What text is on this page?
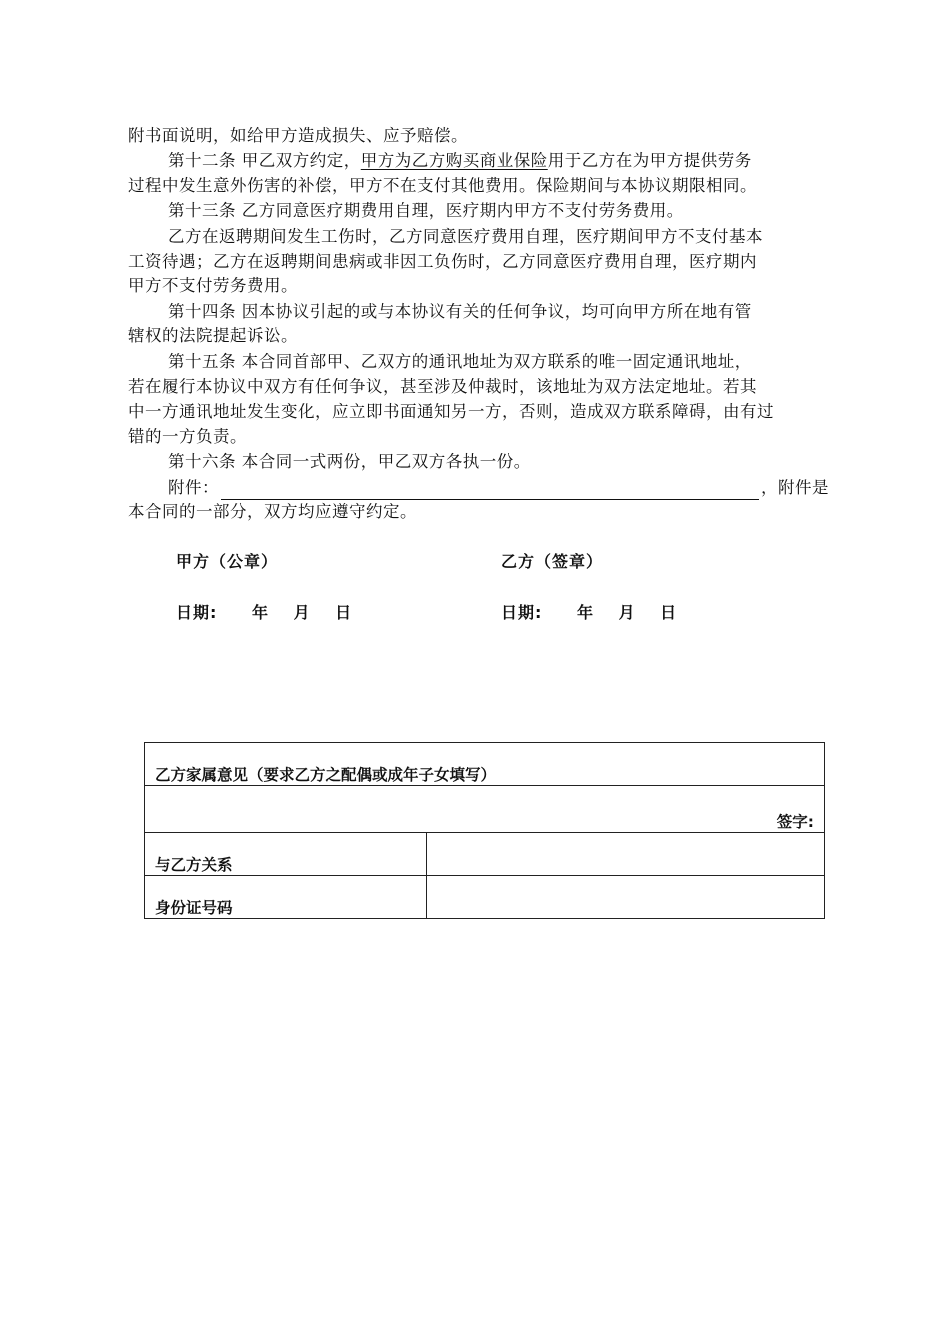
附书面说明，如给甲方造成损失、应予赔偿。
第十二条 甲乙双方约定，甲方为乙方购买商业保险用于乙方在为甲方提供劳务
过程中发生意外伤害的补偿，甲方不在支付其他费用。保险期间与本协议期限相同。
第十三条 乙方同意医疗期费用自理，医疗期内甲方不支付劳务费用。
乙方在返聘期间发生工伤时，乙方同意医疗费用自理，医疗期间甲方不支付基本
工资待遇；乙方在返聘期间患病或非因工负伤时，乙方同意医疗费用自理，医疗期内
甲方不支付劳务费用。
第十四条 因本协议引起的或与本协议有关的任何争议，均可向甲方所在地有管
辖权的法院提起诉讼。
第十五条 本合同首部甲、乙双方的通讯地址为双方联系的唯一固定通讯地址，
若在履行本协议中双方有任何争议，甚至涉及仲裁时，该地址为双方法定地址。若其
中一方通讯地址发生变化，应立即书面通知另一方，否则，造成双方联系障碍，由有过
错的一方负责。
第十六条 本合同一式两份，甲乙双方各执一份。
附件：	，附件是
本合同的一部分，双方均应遵守约定。
甲方（公章）	乙方（签章）
日期: 年 月 日	日期: 年 月 日
乙方家属意见（要求乙方之配偶或成年子女填写）	
签字:	
与乙方关系	
身份证号码	
